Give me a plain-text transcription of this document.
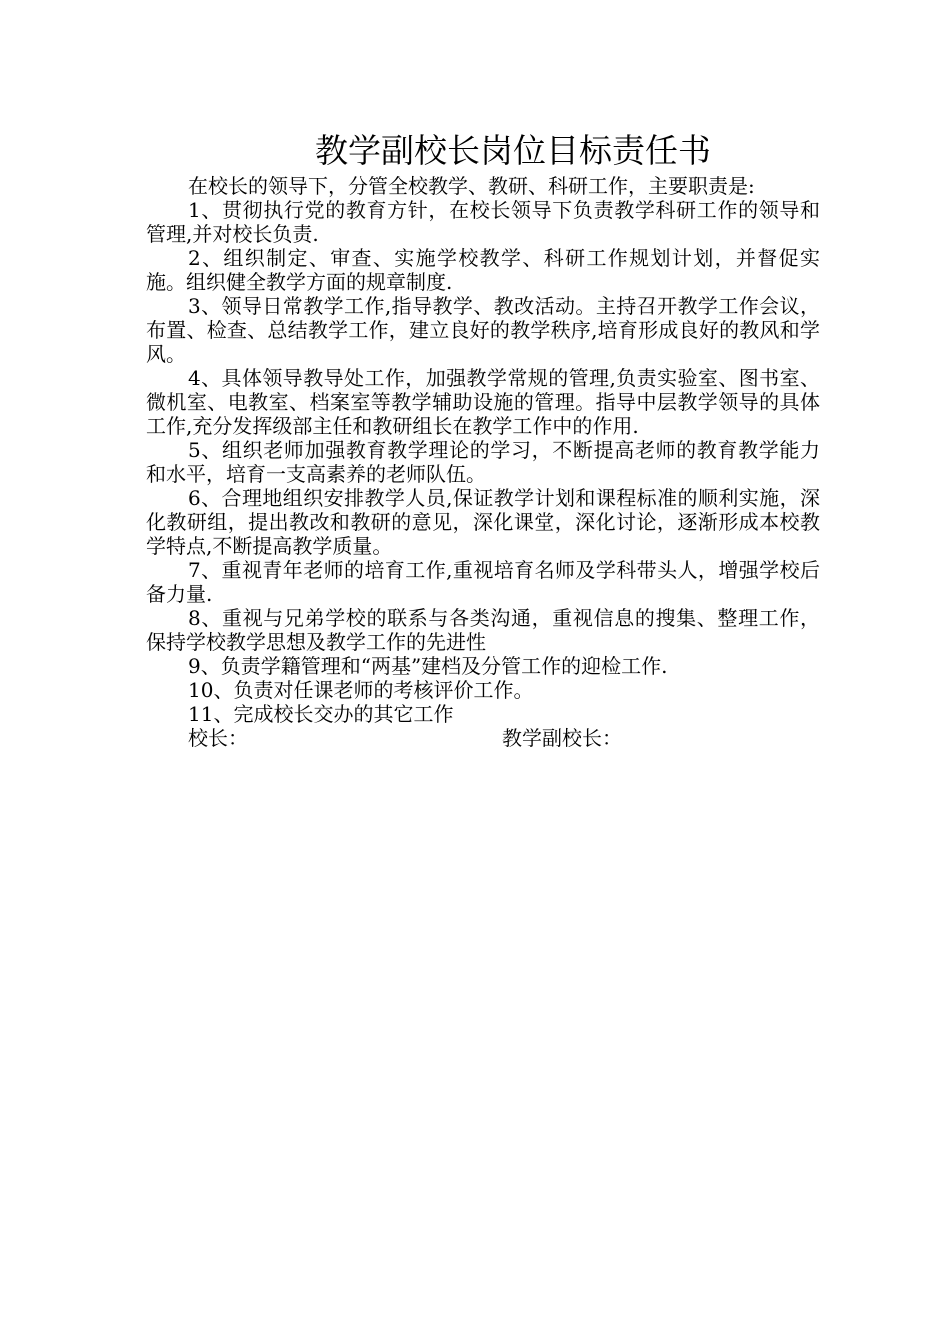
教学副校长岗位目标责任书

在校长的领导下，分管全校教学、教研、科研工作，主要职责是:

1、贯彻执行党的教育方针，在校长领导下负责教学科研工作的领导和管理,并对校长负责.

2、组织制定、审查、实施学校教学、科研工作规划计划，并督促实施。组织健全教学方面的规章制度.

3、领导日常教学工作,指导教学、教改活动。主持召开教学工作会议，布置、检查、总结教学工作，建立良好的教学秩序,培育形成良好的教风和学风。

4、具体领导教导处工作，加强教学常规的管理,负责实验室、图书室、微机室、电教室、档案室等教学辅助设施的管理。指导中层教学领导的具体工作,充分发挥级部主任和教研组长在教学工作中的作用.

5、组织老师加强教育教学理论的学习，不断提高老师的教育教学能力和水平，培育一支高素养的老师队伍。

6、合理地组织安排教学人员,保证教学计划和课程标准的顺利实施，深化教研组，提出教改和教研的意见，深化课堂，深化讨论，逐渐形成本校教学特点,不断提高教学质量。

7、重视青年老师的培育工作,重视培育名师及学科带头人，增强学校后备力量.

8、重视与兄弟学校的联系与各类沟通，重视信息的搜集、整理工作，保持学校教学思想及教学工作的先进性

9、负责学籍管理和“两基”建档及分管工作的迎检工作.

10、负责对任课老师的考核评价工作。

11、完成校长交办的其它工作

校长：	教学副校长：
